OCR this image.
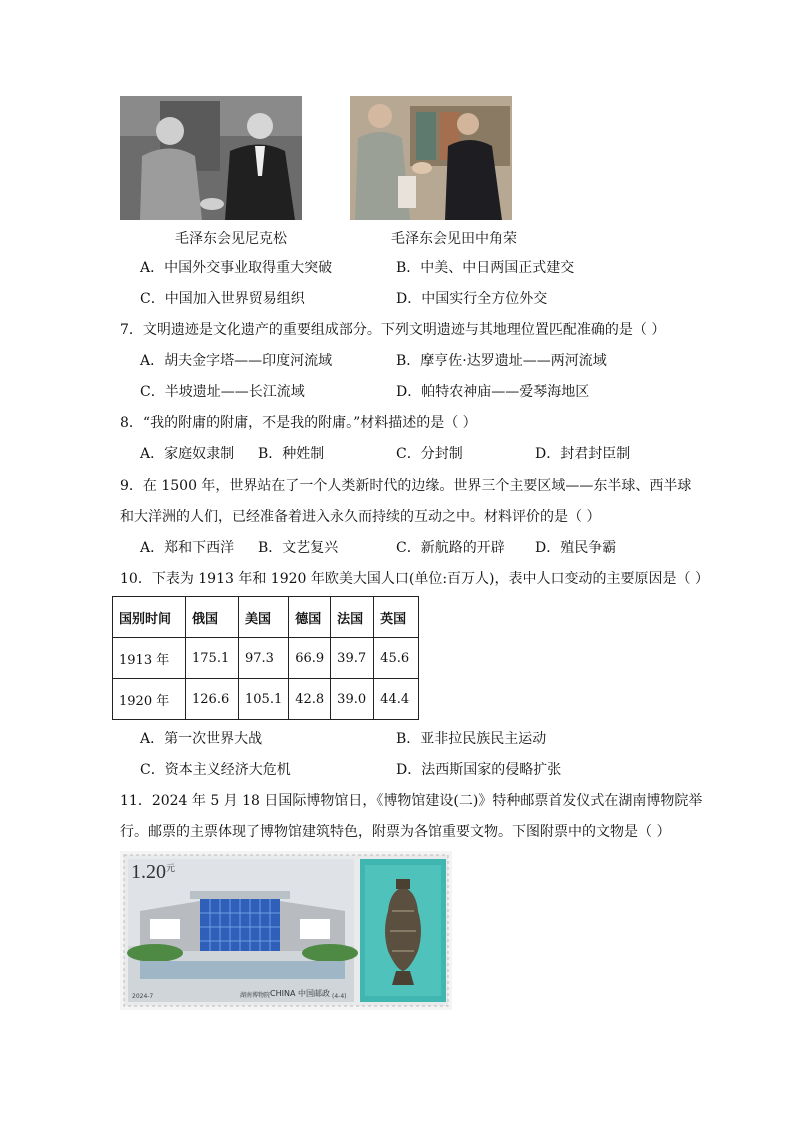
毛泽东会见尼克松	毛泽东会见田中角荣
A．中国外交事业取得重大突破	B．中美、中日两国正式建交
C．中国加入世界贸易组织	D．中国实行全方位外交
7．文明遗迹是文化遗产的重要组成部分。下列文明遗迹与其地理位置匹配准确的是（ ）
A．胡夫金字塔——印度河流域	B．摩亨佐·达罗遗址——两河流域
C．半坡遗址——长江流域	D．帕特农神庙——爱琴海地区
8．“我的附庸的附庸，不是我的附庸。”材料描述的是（ ）
A．家庭奴隶制 B．种姓制	C．分封制	D．封君封臣制
9．在 1500 年，世界站在了一个人类新时代的边缘。世界三个主要区域——东半球、西半球
和大洋洲的人们，已经准备着进入永久而持续的互动之中。材料评价的是（ ）
A．郑和下西洋 B．文艺复兴	C．新航路的开辟 D．殖民争霸
10．下表为 1913 年和 1920 年欧美大国人口(单位:百万人)，表中人口变动的主要原因是（ ）
国别时间	俄国	美国	德国	法国	英国
1913 年	175.1	97.3	66.9	39.7	45.6
1920 年	126.6	105.1	42.8	39.0	44.4
A．第一次世界大战	B．亚非拉民族民主运动
C．资本主义经济大危机	D．法西斯国家的侵略扩张
11．2024 年 5 月 18 日国际博物馆日，《博物馆建设(二)》特种邮票首发仪式在湖南博物院举
行。邮票的主票体现了博物馆建筑特色，附票为各馆重要文物。下图附票中的文物是（ ）
$1.20^元$
湖南博物院 CHINA 中国邮政
2024-7	(4-4)
